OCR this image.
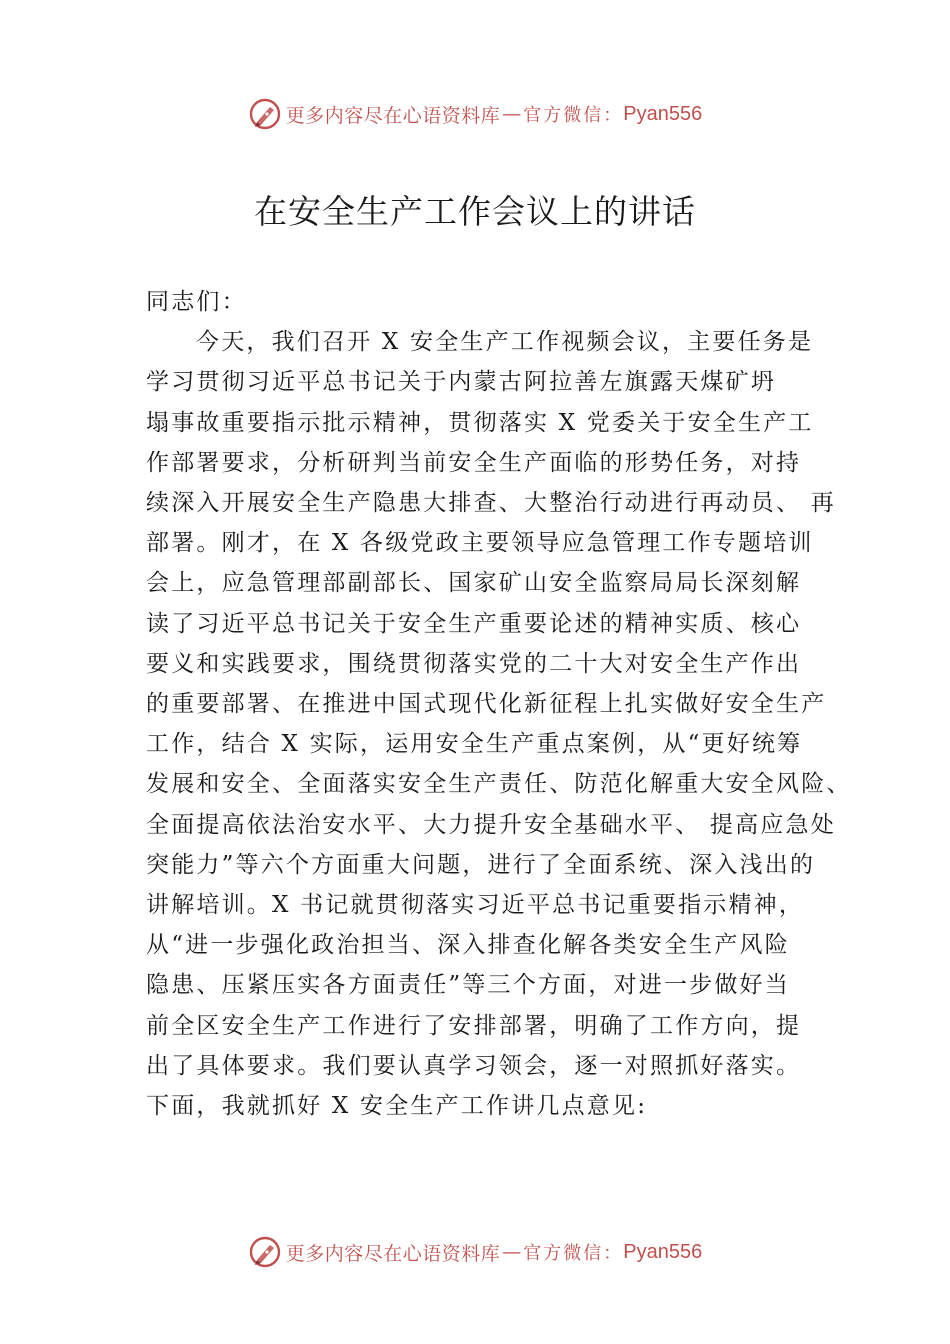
更多内容尽在心语资料库 — 官方微信： Pyan556
在安全生产工作会议上的讲话
同志们：
今天，我们召开 X 安全生产工作视频会议，主要任务是
学习贯彻习近平总书记关于内蒙古阿拉善左旗露天煤矿坍
塌事故重要指示批示精神，贯彻落实 X 党委关于安全生产工
作部署要求，分析研判当前安全生产面临的形势任务，对持
续深入开展安全生产隐患大排查、大整治行动进行再动员、 再
部署。刚才，在 X 各级党政主要领导应急管理工作专题培训
会上，应急管理部副部长、国家矿山安全监察局局长深刻解
读了习近平总书记关于安全生产重要论述的精神实质、核心
要义和实践要求，围绕贯彻落实党的二十大对安全生产作出
的重要部署、在推进中国式现代化新征程上扎实做好安全生产
工作，结合 X 实际，运用安全生产重点案例，从“更好统筹
发展和安全、全面落实安全生产责任、防范化解重大安全风险、
全面提高依法治安水平、大力提升安全基础水平、 提高应急处
突能力”等六个方面重大问题，进行了全面系统、深入浅出的
讲解培训。X 书记就贯彻落实习近平总书记重要指示精神，
从“进一步强化政治担当、深入排查化解各类安全生产风险
隐患、压紧压实各方面责任”等三个方面，对进一步做好当
前全区安全生产工作进行了安排部署，明确了工作方向，提
出了具体要求。我们要认真学习领会，逐一对照抓好落实。
下面，我就抓好 X 安全生产工作讲几点意见:
更多内容尽在心语资料库 — 官方微信： Pyan556
